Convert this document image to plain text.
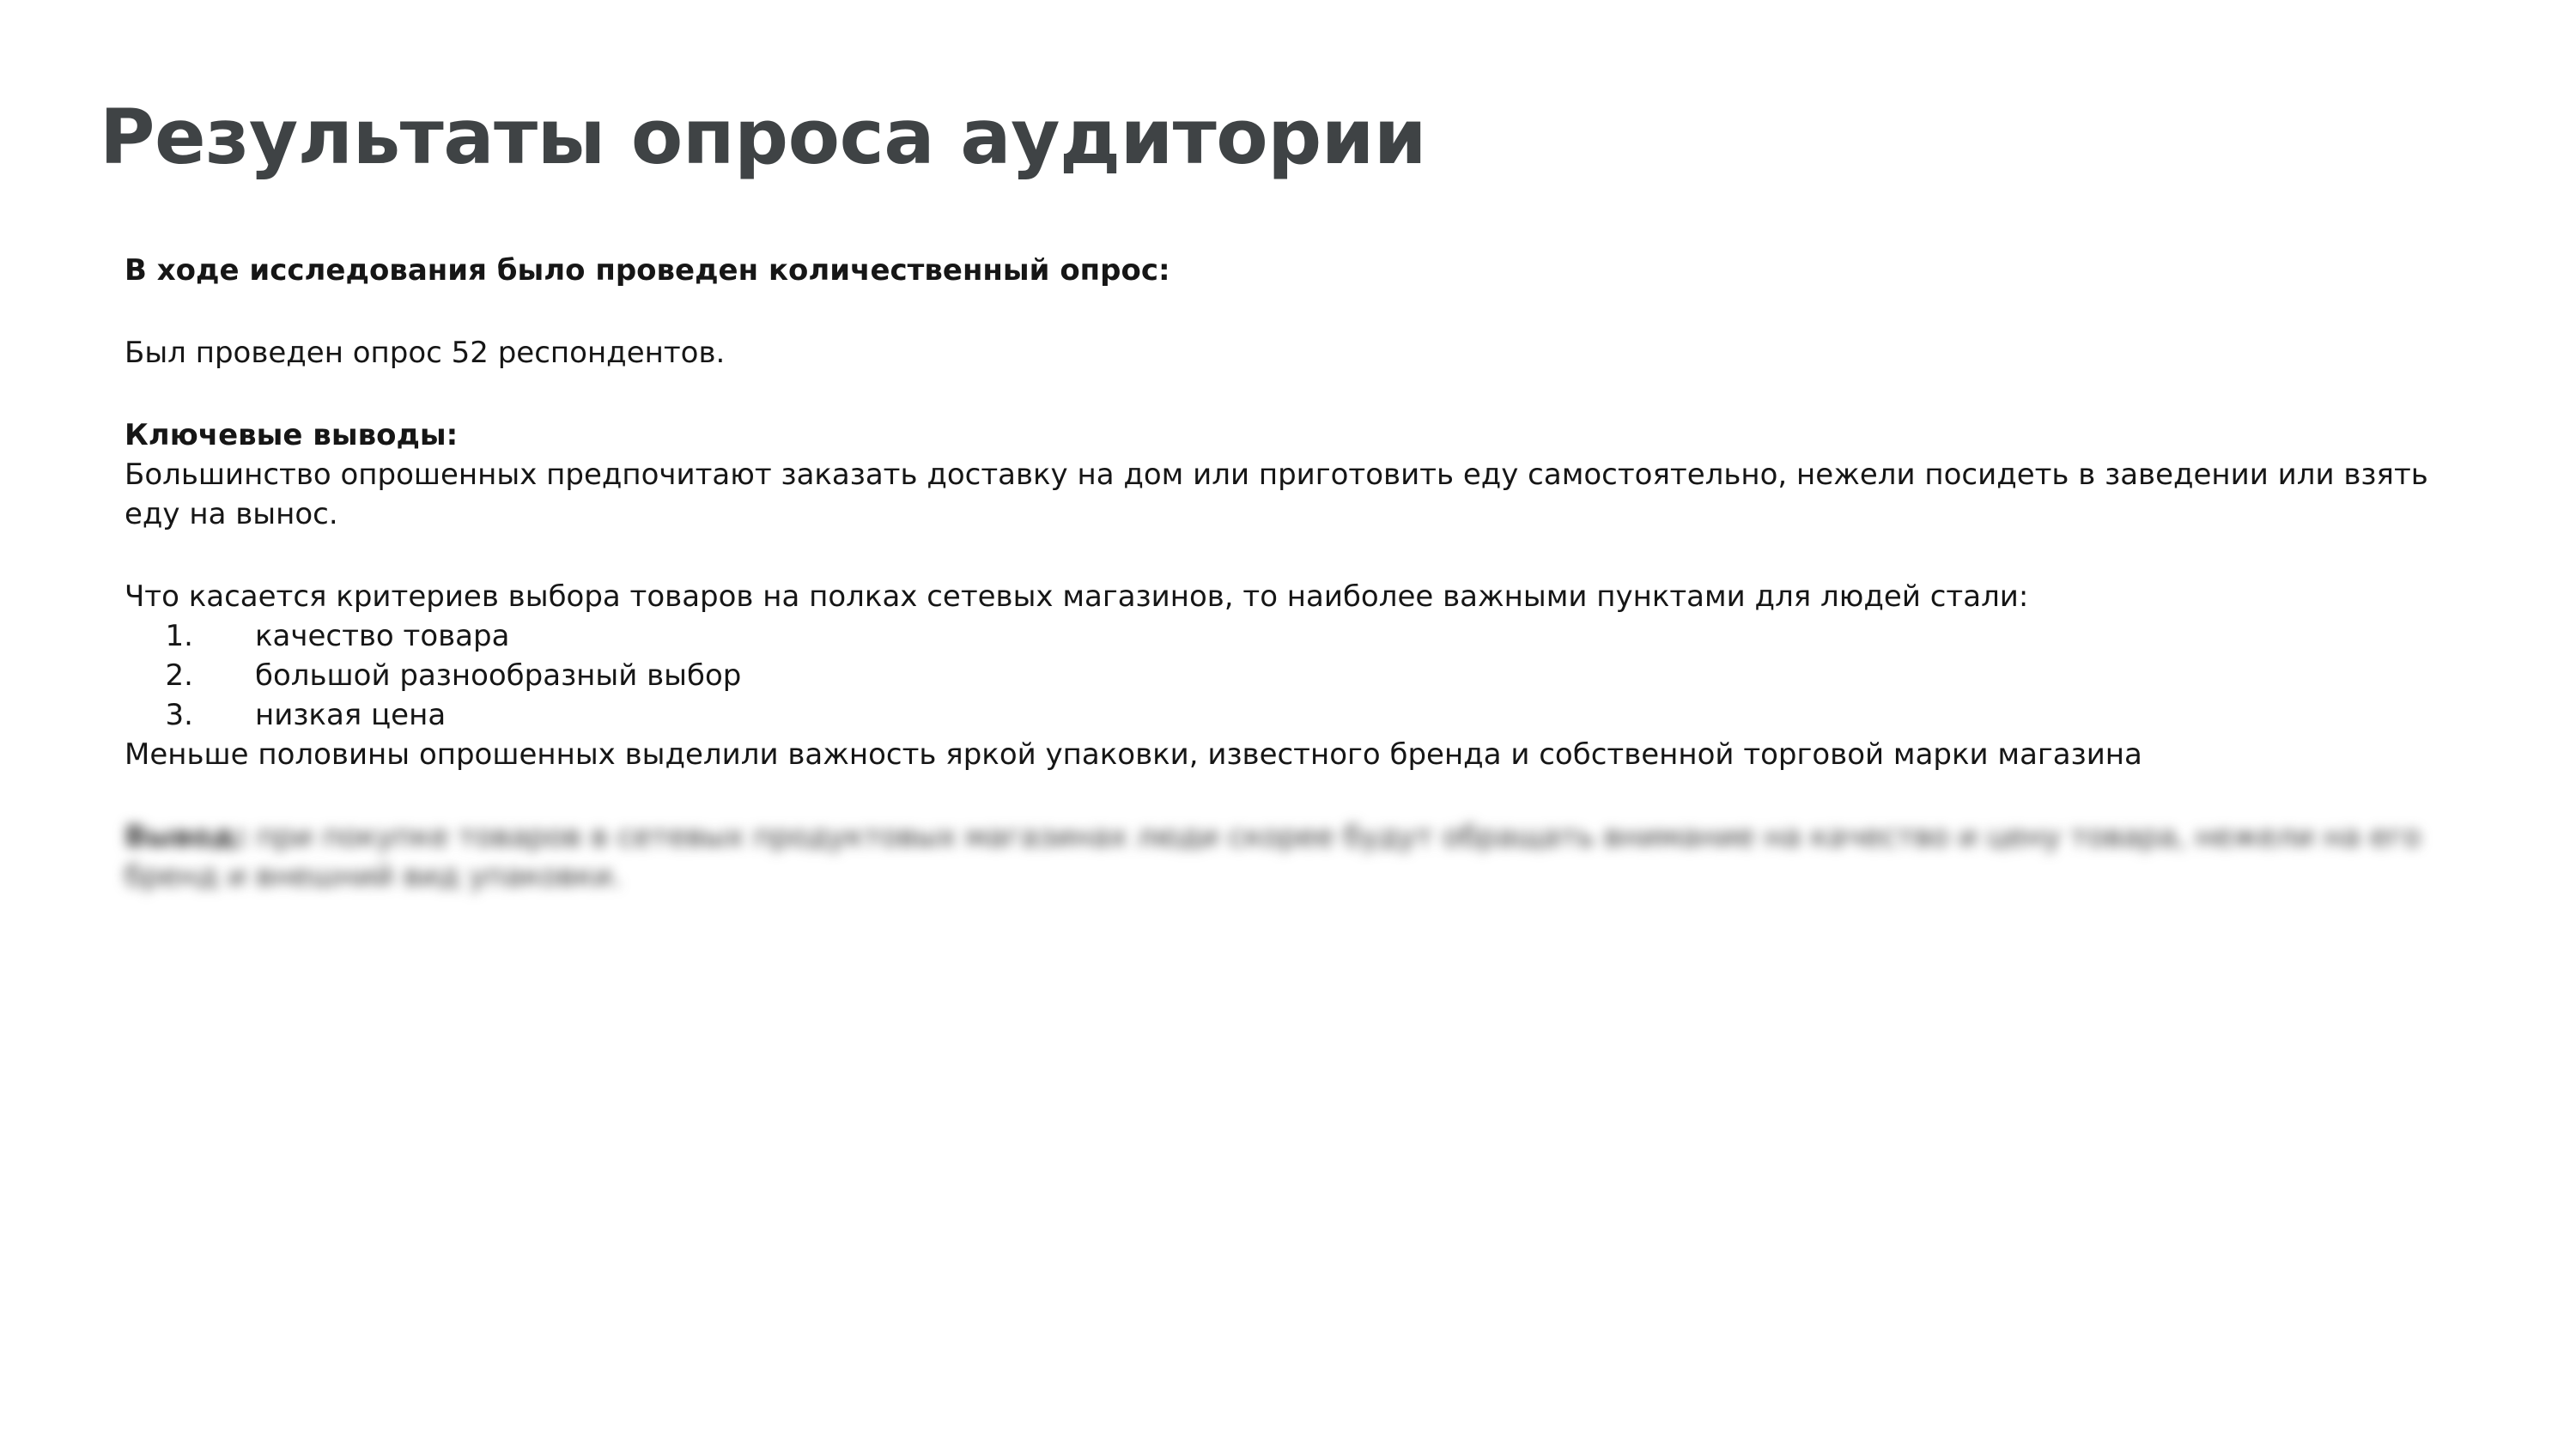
Результаты опроса аудитории

В ходе исследования было проведен количественный опрос:

Был проведен опрос 52 респондентов.

Ключевые выводы:

Большинство опрошенных предпочитают заказать доставку на дом или приготовить еду самостоятельно, нежели посидеть в заведении или взять еду на вынос.

Что касается критериев выбора товаров на полках сетевых магазинов, то наиболее важными пунктами для людей стали:

1.	качество товара
2.	большой разнообразный выбор
3.	низкая цена

Меньше половины опрошенных выделили важность яркой упаковки, известного бренда и собственной торговой марки магазина

Вывод: при покупке товаров в сетевых продуктовых магазинах люди скорее будут обращать внимание на качество и цену товара, нежели на его бренд и внешний вид упаковки.
